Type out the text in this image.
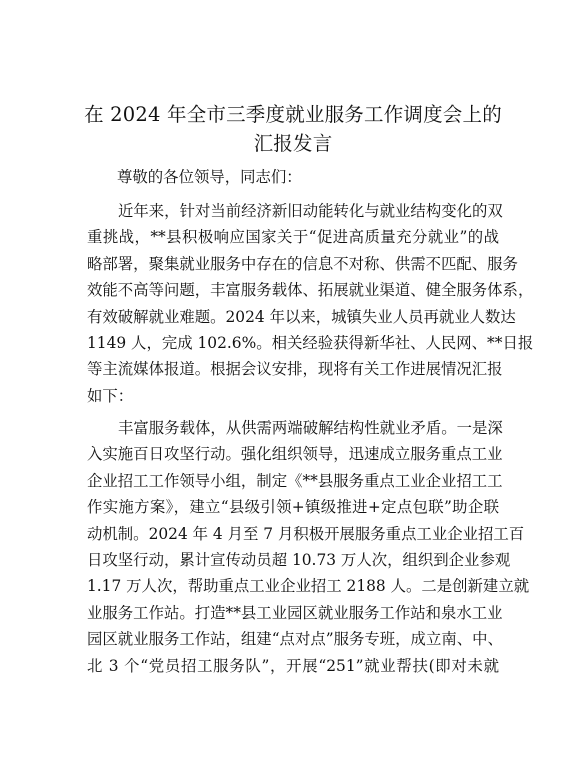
在 2024 年全市三季度就业服务工作调度会上的
汇报发言
尊敬的各位领导，同志们：
近年来，针对当前经济新旧动能转化与就业结构变化的双
重挑战，**县积极响应国家关于“促进高质量充分就业”的战
略部署，聚集就业服务中存在的信息不对称、供需不匹配、服务
效能不高等问题，丰富服务载体、拓展就业渠道、健全服务体系，
有效破解就业难题。2024 年以来，城镇失业人员再就业人数达
1149 人，完成 102.6%。相关经验获得新华社、人民网、**日报
等主流媒体报道。根据会议安排，现将有关工作进展情况汇报
如下：
丰富服务载体，从供需两端破解结构性就业矛盾。一是深
入实施百日攻坚行动。强化组织领导，迅速成立服务重点工业
企业招工工作领导小组，制定《**县服务重点工业企业招工工
作实施方案》，建立“县级引领+镇级推进+定点包联”助企联
动机制。2024 年 4 月至 7 月积极开展服务重点工业企业招工百
日攻坚行动，累计宣传动员超 10.73 万人次，组织到企业参观
1.17 万人次，帮助重点工业企业招工 2188 人。二是创新建立就
业服务工作站。打造**县工业园区就业服务工作站和泉水工业
园区就业服务工作站，组建“点对点”服务专班，成立南、中、
北 3 个“党员招工服务队”，开展“251”就业帮扶(即对未就
